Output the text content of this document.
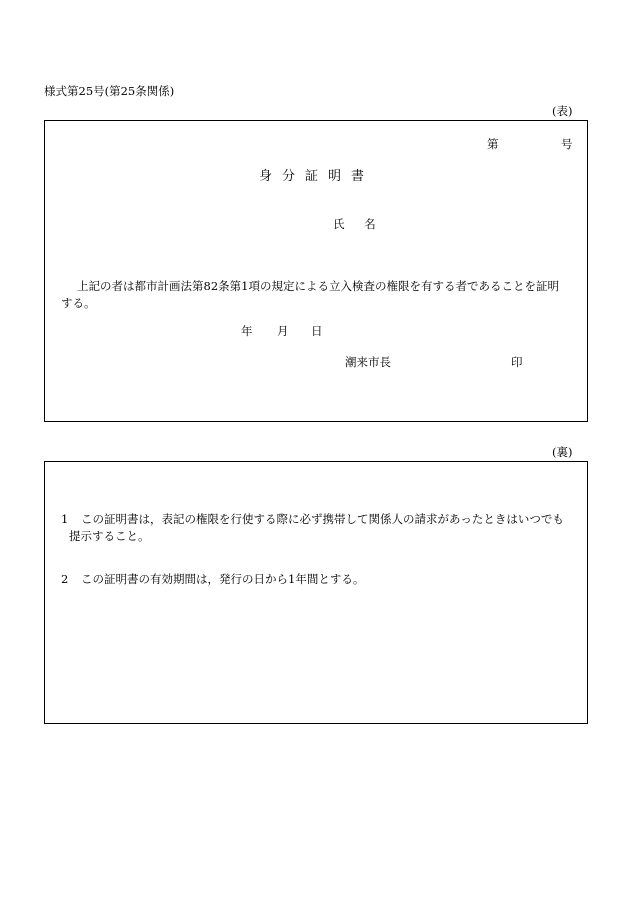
様式第25号(第25条関係)
(表)
第	号
身分証明書
氏 名
上記の者は都市計画法第82条第1項の規定による立入検査の権限を有する者であることを証明
する。
年 月 日
潮来市長	印
(裏)
1 この証明書は，表記の権限を行使する際に必ず携帯して関係人の請求があったときはいつでも
提示すること。
2 この証明書の有効期間は，発行の日から1年間とする。
